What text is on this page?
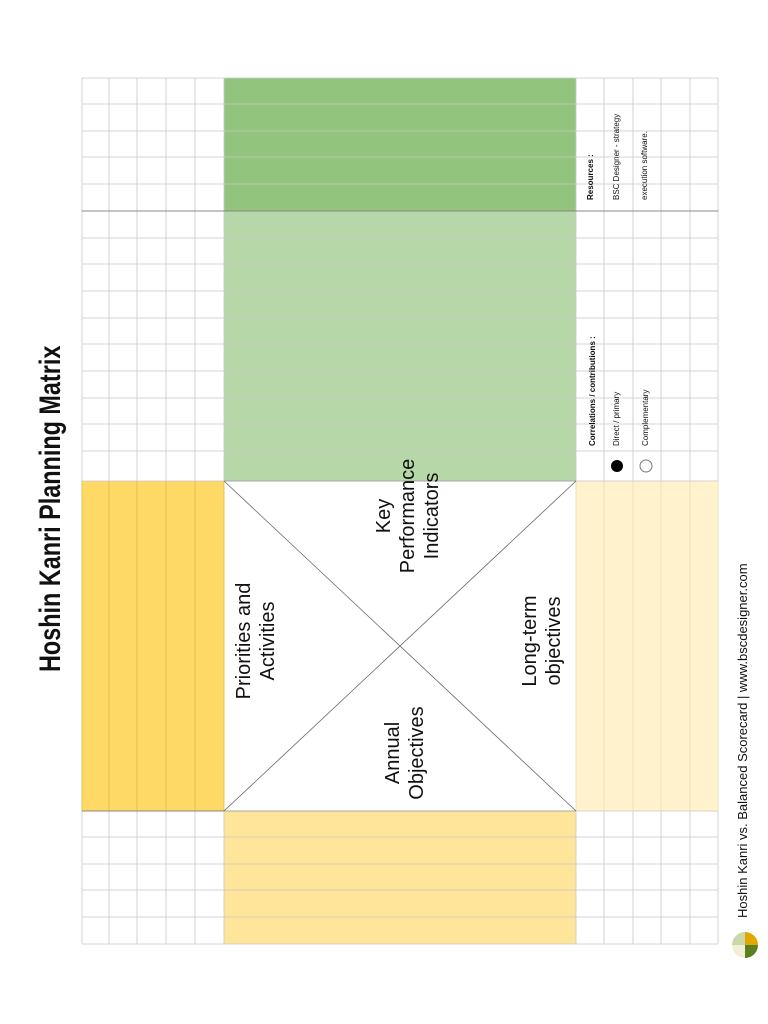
Hoshin Kanri Planning Matrix	Priorities and Activities
Key Performance Indicators
Annual Objectives
Long-term objectives
Correlations / contributions : Direct / primary	Complementary
Resources : BSC Designer - strategy execution software.
Hoshin Kanri vs. Balanced Scorecard | www.bscdesigner.com
